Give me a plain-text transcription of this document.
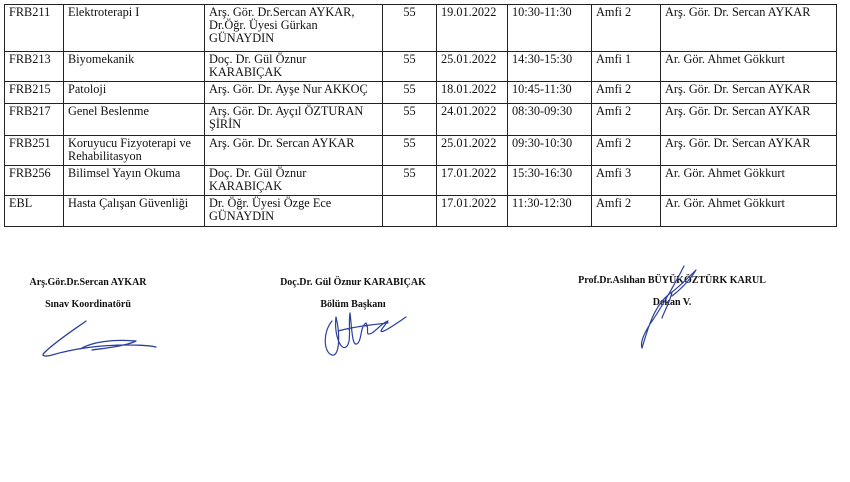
FRB211	Elektroterapi I	Arş. Gör. Dr.Sercan AYKAR, Dr.Öğr. Üyesi Gürkan GÜNAYDIN	55	19.01.2022	10:30-11:30	Amfi 2	Arş. Gör. Dr. Sercan AYKAR
FRB213	Biyomekanik	Doç. Dr. Gül Öznur KARABIÇAK	55	25.01.2022	14:30-15:30	Amfi 1	Ar. Gör. Ahmet Gökkurt
FRB215	Patoloji	Arş. Gör. Dr. Ayşe Nur AKKOÇ	55	18.01.2022	10:45-11:30	Amfi 2	Arş. Gör. Dr. Sercan AYKAR
FRB217	Genel Beslenme	Arş. Gör. Dr. Ayçıl ÖZTURAN ŞİRİN	55	24.01.2022	08:30-09:30	Amfi 2	Arş. Gör. Dr. Sercan AYKAR
FRB251	Koruyucu Fizyoterapi ve Rehabilitasyon	Arş. Gör. Dr. Sercan AYKAR	55	25.01.2022	09:30-10:30	Amfi 2	Arş. Gör. Dr. Sercan AYKAR
FRB256	Bilimsel Yayın Okuma	Doç. Dr. Gül Öznur KARABIÇAK	55	17.01.2022	15:30-16:30	Amfi 3	Ar. Gör. Ahmet Gökkurt
EBL	Hasta Çalışan Güvenliği	Dr. Öğr. Üyesi Özge Ece GÜNAYDIN		17.01.2022	11:30-12:30	Amfi 2	Ar. Gör. Ahmet Gökkurt
Arş.Gör.Dr.Sercan AYKAR
Sınav Koordinatörü
Doç.Dr. Gül Öznur KARABIÇAK
Bölüm Başkanı
Prof.Dr.Aslıhan BÜYÜKÖZTÜRK KARUL
Dekan V.
